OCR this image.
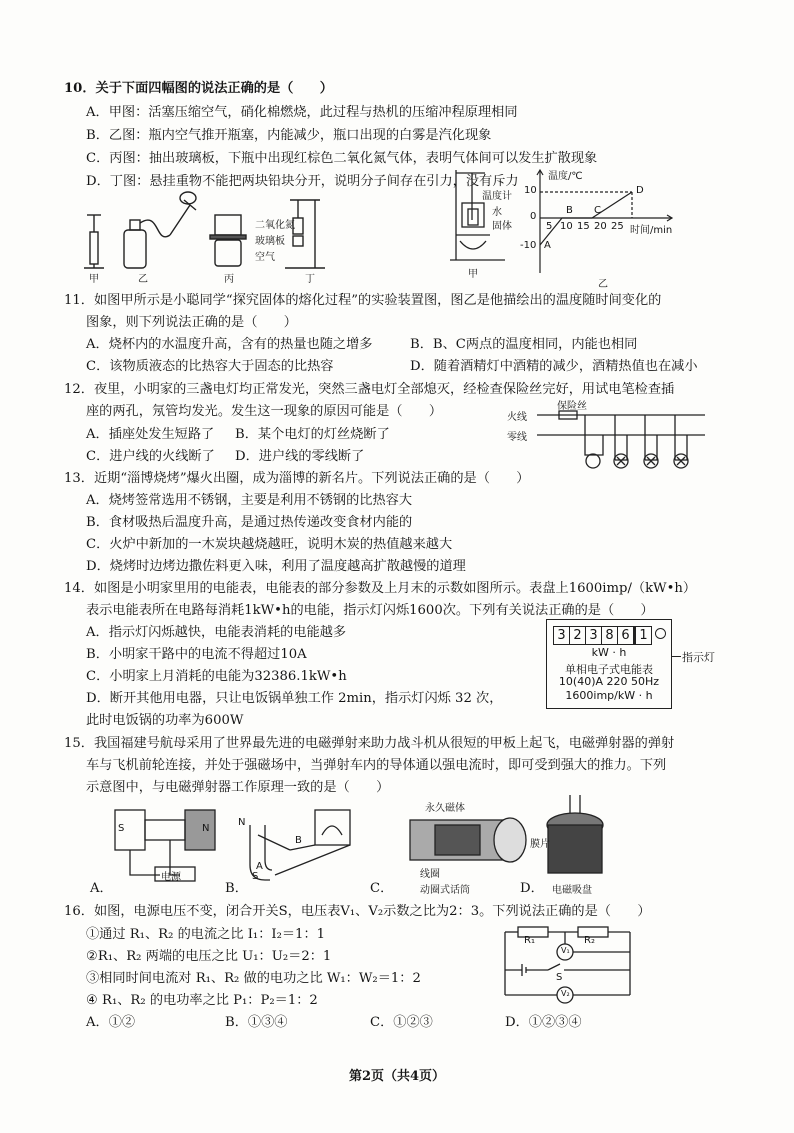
10．关于下面四幅图的说法正确的是（　　）
A．甲图：活塞压缩空气，硝化棉燃烧，此过程与热机的压缩冲程原理相同
B．乙图：瓶内空气推开瓶塞，内能减少，瓶口出现的白雾是汽化现象
C．丙图：抽出玻璃板，下瓶中出现红棕色二氧化氮气体，表明气体间可以发生扩散现象
D．丁图：悬挂重物不能把两块铅块分开，说明分子间存在引力，没有斥力
二氧化氮
玻璃板
空气
甲	乙	丙	丁
温度计
水
固体
甲
温度/℃
10
0
-10
5 10 15 20 25 时间/min
A
B C
D
乙
11．如图甲所示是小聪同学“探究固体的熔化过程”的实验装置图，图乙是他描绘出的温度随时间变化的
图象，则下列说法正确的是（　　）
A．烧杯内的水温度升高，含有的热量也随之增多	B．B、C两点的温度相同，内能也相同
C．该物质液态的比热容大于固态的比热容	D．随着酒精灯中酒精的减少，酒精热值也在减小
12．夜里，小明家的三盏电灯均正常发光，突然三盏电灯全部熄灭，经检查保险丝完好，用试电笔检查插
座的两孔，氖管均发光。发生这一现象的原因可能是（　　）
A．插座处发生短路了 B．某个电灯的灯丝烧断了
C．进户线的火线断了 D．进户线的零线断了
火线
零线
保险丝
13．近期“淄博烧烤”爆火出圈，成为淄博的新名片。下列说法正确的是（　　）
A．烧烤签常选用不锈钢，主要是利用不锈钢的比热容大
B．食材吸热后温度升高，是通过热传递改变食材内能的
C．火炉中新加的一木炭块越烧越旺，说明木炭的热值越来越大
D．烧烤时边烤边撒佐料更入味，利用了温度越高扩散越慢的道理
14．如图是小明家里用的电能表，电能表的部分参数及上月末的示数如图所示。表盘上1600imp/（kW•h）
表示电能表所在电路每消耗1kW•h的电能，指示灯闪烁1600次。下列有关说法正确的是（　　）
A．指示灯闪烁越快，电能表消耗的电能越多
B．小明家干路中的电流不得超过10A
C．小明家上月消耗的电能为32386.1kW•h
D．断开其他用电器，只让电饭锅单独工作 2min，指示灯闪烁 32 次，
此时电饭锅的功率为600W
3 2 3 8 6 1
kW · h
单相电子式电能表
10(40)A 220 50Hz
1600imp/kW · h
指示灯
15．我国福建号航母采用了世界最先进的电磁弹射来助力战斗机从很短的甲板上起飞，电磁弹射器的弹射
车与飞机前轮连接，并处于强磁场中，当弹射车内的导体通以强电流时，即可受到强大的推力。下列
示意图中，与电磁弹射器工作原理一致的是（　　）
S	N
电源
N
S
B
A
永久磁体
膜片
线圈
动圈式话筒	电磁吸盘
A．	B．	C．	D．
16．如图，电源电压不变，闭合开关S，电压表V₁、V₂示数之比为2：3。下列说法正确的是（　　）
①通过 R₁、R₂ 的电流之比 I₁：I₂＝1：1
②R₁、R₂ 两端的电压之比 U₁：U₂＝2：1
③相同时间电流对 R₁、R₂ 做的电功之比 W₁：W₂＝1：2
④ R₁、R₂ 的电功率之比 P₁：P₂＝1：2
A．①②	B．①③④	C．①②③	D．①②③④
R₁	R₂
V₁
S
V₂
第2页（共4页）
